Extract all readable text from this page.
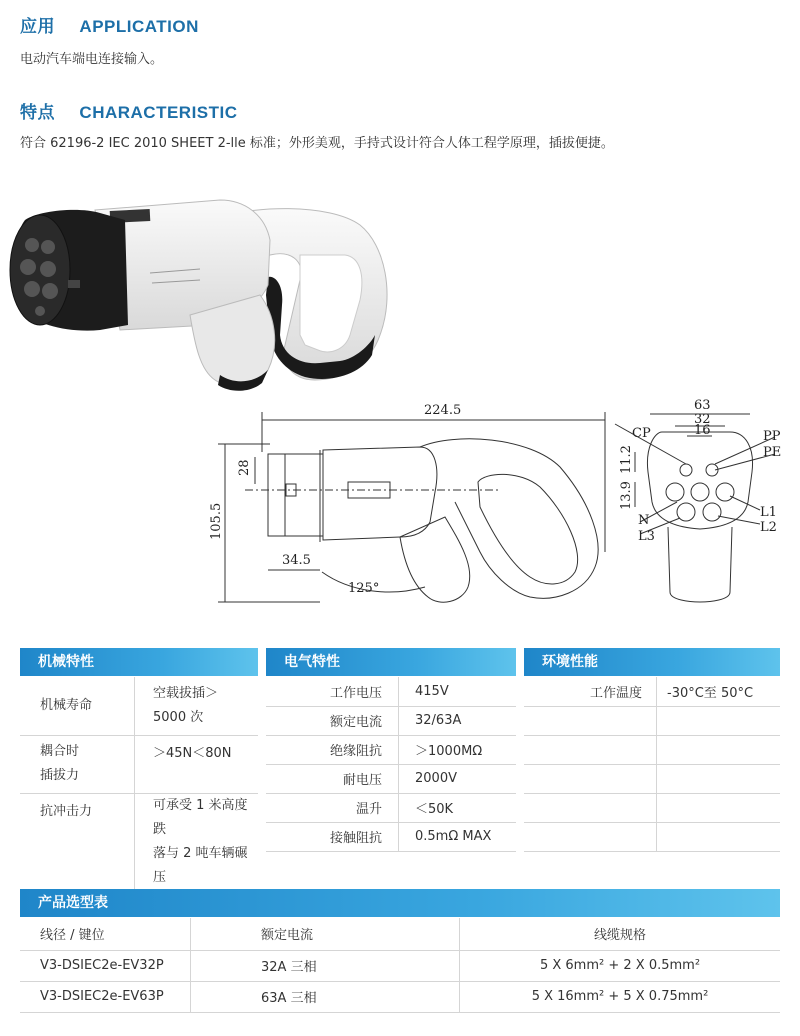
应用 APPLICATION
电动汽车端电连接输入。
特点 CHARACTERISTIC
符合 62196-2 IEC 2010 SHEET 2-lle 标准；外形美观，手持式设计符合人体工程学原理，插拔便捷。
224.5
28
105.5
34.5
125°
63
32
16
11.2
13.9
CP	PP
PE
N
L3
L1
L2
机械特性
机械寿命	空载拔插＞
5000 次

耦合时
插拔力	＞45N＜80N

抗冲击力	可承受 1 米高度跌
落与 2 吨车辆碾压
电气特性
工作电压	415V
额定电流	32/63A
绝缘阻抗	＞1000MΩ
耐电压	2000V
温升	＜50K
接触阻抗	0.5mΩ MAX
环境性能
工作温度	-30°C至 50°C

产品选型表
线径 / 键位	额定电流	线缆规格
V3-DSIEC2e-EV32P	32A 三相	5 X 6mm² + 2 X 0.5mm²
V3-DSIEC2e-EV63P	63A 三相	5 X 16mm² + 5 X 0.75mm²
